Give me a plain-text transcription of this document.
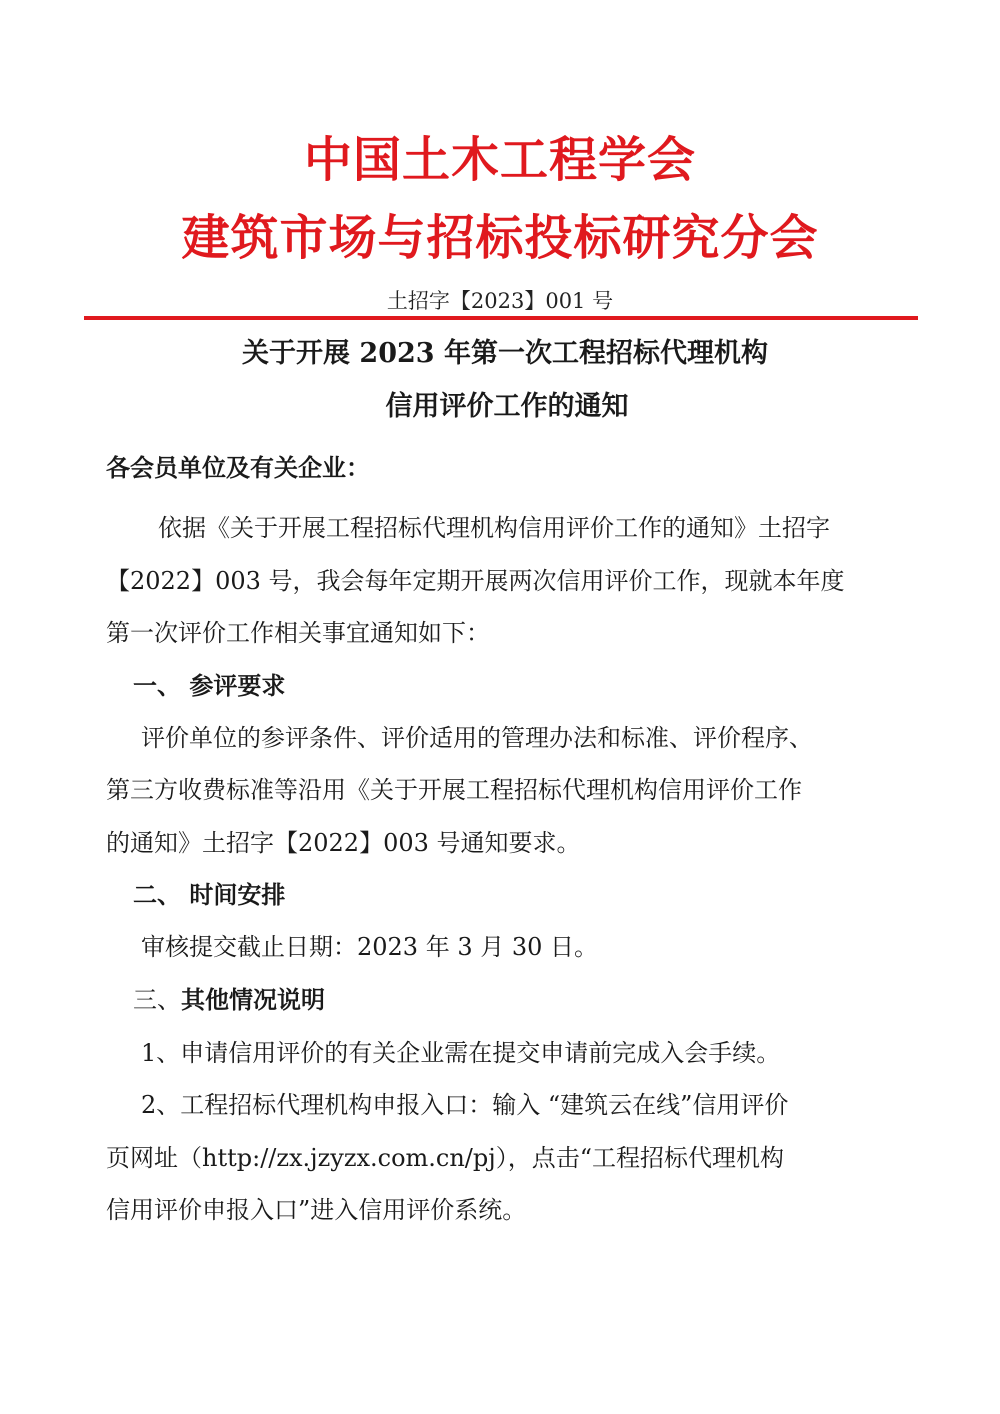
中国土木工程学会
建筑市场与招标投标研究分会
土招字【2023】001 号
关于开展 2023 年第一次工程招标代理机构
信用评价工作的通知
各会员单位及有关企业：
依据《关于开展工程招标代理机构信用评价工作的通知》土招字
【2022】003 号，我会每年定期开展两次信用评价工作，现就本年度
第一次评价工作相关事宜通知如下：
一、 参评要求
评价单位的参评条件、评价适用的管理办法和标准、评价程序、
第三方收费标准等沿用《关于开展工程招标代理机构信用评价工作
的通知》土招字【2022】003 号通知要求。
二、 时间安排
审核提交截止日期：2023 年 3 月 30 日。
三、其他情况说明
1、申请信用评价的有关企业需在提交申请前完成入会手续。
2、工程招标代理机构申报入口：输入 “建筑云在线”信用评价
页网址（http://zx.jzyzx.com.cn/pj），点击“工程招标代理机构
信用评价申报入口”进入信用评价系统。
